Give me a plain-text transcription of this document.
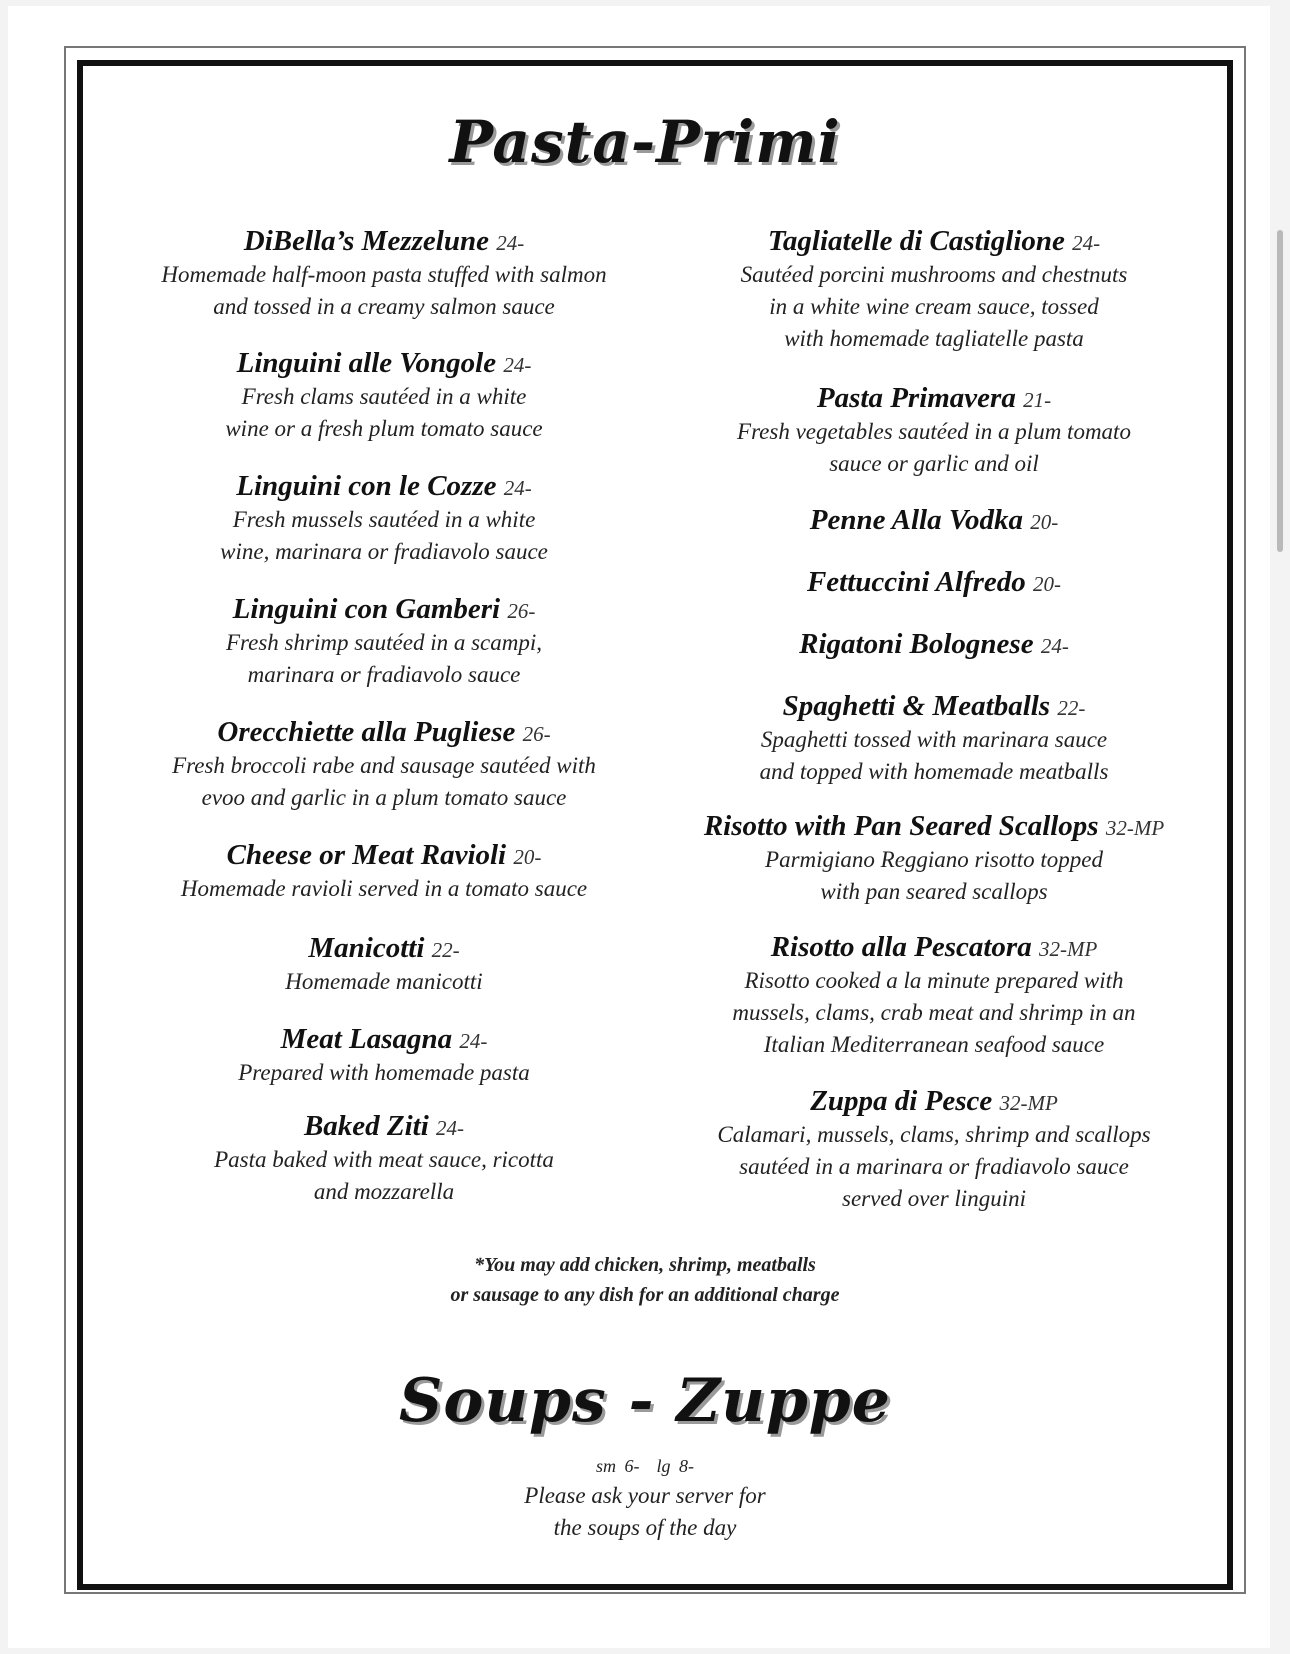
Pasta-Primi
DiBella’s Mezzelune 24-
Homemade half-moon pasta stuffed with salmon
and tossed in a creamy salmon sauce
Linguini alle Vongole 24-
Fresh clams sautéed in a white
wine or a fresh plum tomato sauce
Linguini con le Cozze 24-
Fresh mussels sautéed in a white
wine, marinara or fradiavolo sauce
Linguini con Gamberi 26-
Fresh shrimp sautéed in a scampi,
marinara or fradiavolo sauce
Orecchiette alla Pugliese 26-
Fresh broccoli rabe and sausage sautéed with
evoo and garlic in a plum tomato sauce
Cheese or Meat Ravioli 20-
Homemade ravioli served in a tomato sauce
Manicotti 22-
Homemade manicotti
Meat Lasagna 24-
Prepared with homemade pasta
Baked Ziti 24-
Pasta baked with meat sauce, ricotta
and mozzarella
Tagliatelle di Castiglione 24-
Sautéed porcini mushrooms and chestnuts
in a white wine cream sauce, tossed
with homemade tagliatelle pasta
Pasta Primavera 21-
Fresh vegetables sautéed in a plum tomato
sauce or garlic and oil
Penne Alla Vodka 20-
Fettuccini Alfredo 20-
Rigatoni Bolognese 24-
Spaghetti & Meatballs 22-
Spaghetti tossed with marinara sauce
and topped with homemade meatballs
Risotto with Pan Seared Scallops 32-MP
Parmigiano Reggiano risotto topped
with pan seared scallops
Risotto alla Pescatora 32-MP
Risotto cooked a la minute prepared with
mussels, clams, crab meat and shrimp in an
Italian Mediterranean seafood sauce
Zuppa di Pesce 32-MP
Calamari, mussels, clams, shrimp and scallops
sautéed in a marinara or fradiavolo sauce
served over linguini
*You may add chicken, shrimp, meatballs
or sausage to any dish for an additional charge
Soups - Zuppe
sm 6-  lg 8-
Please ask your server for
the soups of the day
